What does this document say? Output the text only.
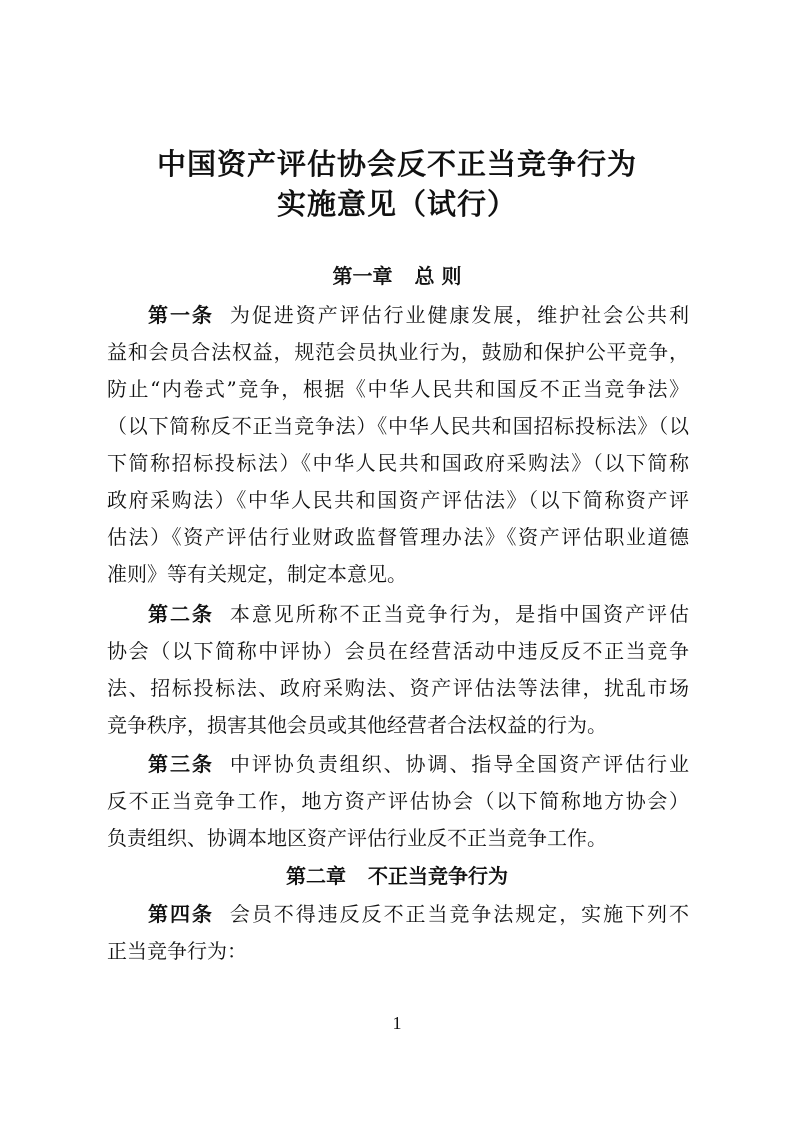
中国资产评估协会反不正当竞争行为
实施意见（试行）
第一章 总 则
第一条 为促进资产评估行业健康发展，维护社会公共利
益和会员合法权益，规范会员执业行为，鼓励和保护公平竞争，
防止“内卷式”竞争，根据《中华人民共和国反不正当竞争法》
（以下简称反不正当竞争法）《中华人民共和国招标投标法》（以
下简称招标投标法）《中华人民共和国政府采购法》（以下简称
政府采购法）《中华人民共和国资产评估法》（以下简称资产评
估法）《资产评估行业财政监督管理办法》《资产评估职业道德
准则》等有关规定，制定本意见。
第二条 本意见所称不正当竞争行为，是指中国资产评估
协会（以下简称中评协）会员在经营活动中违反反不正当竞争
法、招标投标法、政府采购法、资产评估法等法律，扰乱市场
竞争秩序，损害其他会员或其他经营者合法权益的行为。
第三条 中评协负责组织、协调、指导全国资产评估行业
反不正当竞争工作，地方资产评估协会（以下简称地方协会）
负责组织、协调本地区资产评估行业反不正当竞争工作。
第二章 不正当竞争行为
第四条 会员不得违反反不正当竞争法规定，实施下列不
正当竞争行为：
1
